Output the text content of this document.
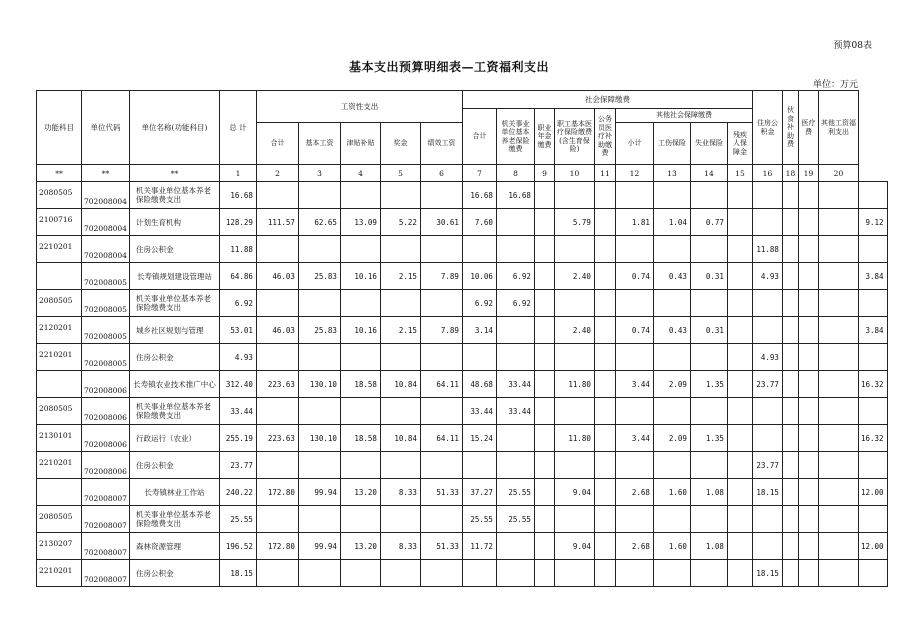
预算08表
基本支出预算明细表—工资福利支出
单位：万元
功能科目	单位代码	单位名称(功能科目)	总 计	工资性支出					社会保障缴费									住房公积金	伙食补助费	医疗费	其他工资福利支出	
									合计	机关事业单位基本养老保险缴费	职业年金缴费	职工基本医疗保险缴费(含生育保险)	公务员医疗补助缴费	其他社会保障缴费								
				合计	基本工资	津贴补贴	奖金	绩效工资						小计	工伤保险	失业保险	残疾人保障金					
**	**	**	1	2	3	4	5	6	7	8	9	10	11	12	13	14	15	16	18	19	20	
2080505	702008004	机关事业单位基本养老保险缴费支出	16.68						16.68	16.68												
2100716	702008004	计划生育机构	128.29	111.57	62.65	13.09	5.22	30.61	7.60			5.79		1.81	1.04	0.77						9.12
2210201	702008004	住房公积金	11.88															11.88				
	702008005	长寿镇规划建设管理站	64.86	46.03	25.83	10.16	2.15	7.89	10.06	6.92		2.40		0.74	0.43	0.31		4.93				3.84
2080505	702008005	机关事业单位基本养老保险缴费支出	6.92						6.92	6.92												
2120201	702008005	城乡社区规划与管理	53.01	46.03	25.83	10.16	2.15	7.89	3.14			2.40		0.74	0.43	0.31						3.84
2210201	702008005	住房公积金	4.93															4.93				
	702008006	长寿镇农业技术推广中心	312.40	223.63	130.10	18.58	10.84	64.11	48.68	33.44		11.80		3.44	2.09	1.35		23.77				16.32
2080505	702008006	机关事业单位基本养老保险缴费支出	33.44						33.44	33.44												
2130101	702008006	行政运行（农业）	255.19	223.63	130.10	18.58	10.84	64.11	15.24			11.80		3.44	2.09	1.35						16.32
2210201	702008006	住房公积金	23.77															23.77				
	702008007	长寿镇林业工作站	240.22	172.80	99.94	13.20	8.33	51.33	37.27	25.55		9.04		2.68	1.60	1.08		18.15				12.00
2080505	702008007	机关事业单位基本养老保险缴费支出	25.55						25.55	25.55												
2130207	702008007	森林资源管理	196.52	172.80	99.94	13.20	8.33	51.33	11.72			9.04		2.68	1.60	1.08						12.00
2210201	702008007	住房公积金	18.15															18.15				
